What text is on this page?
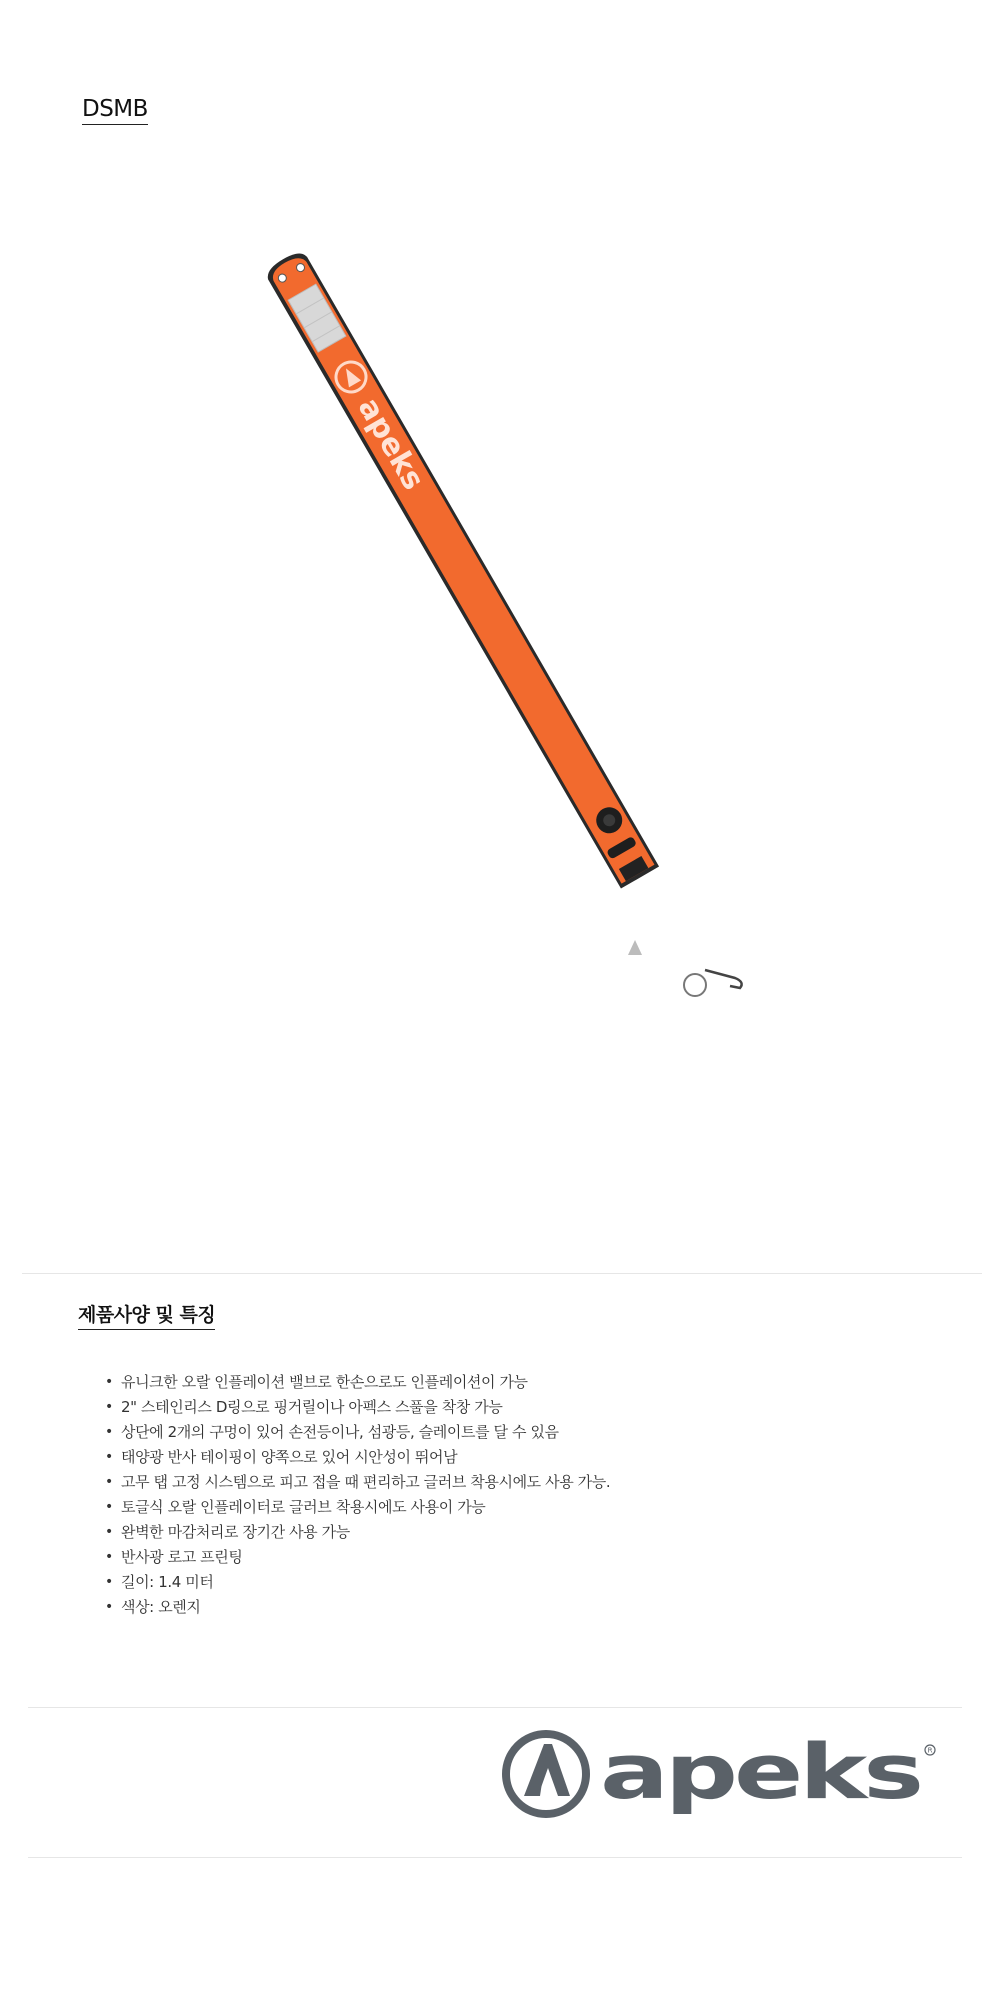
DSMB
apeks
제품사양 및 특징
• 유니크한 오랄 인플레이션 밸브로 한손으로도 인플레이션이 가능
• 2" 스테인리스 D링으로 핑거릴이나 아펙스 스풀을 착창 가능
• 상단에 2개의 구멍이 있어 손전등이나, 섬광등, 슬레이트를 달 수 있음
• 태양광 반사 테이핑이 양쪽으로 있어 시안성이 뛰어남
• 고무 탭 고정 시스템으로 피고 접을 때 편리하고 글러브 착용시에도 사용 가능.
• 토글식 오랄 인플레이터로 글러브 착용시에도 사용이 가능
• 완벽한 마감처리로 장기간 사용 가능
• 반사광 로고 프린팅
• 길이: 1.4 미터
• 색상: 오렌지
apeks R
